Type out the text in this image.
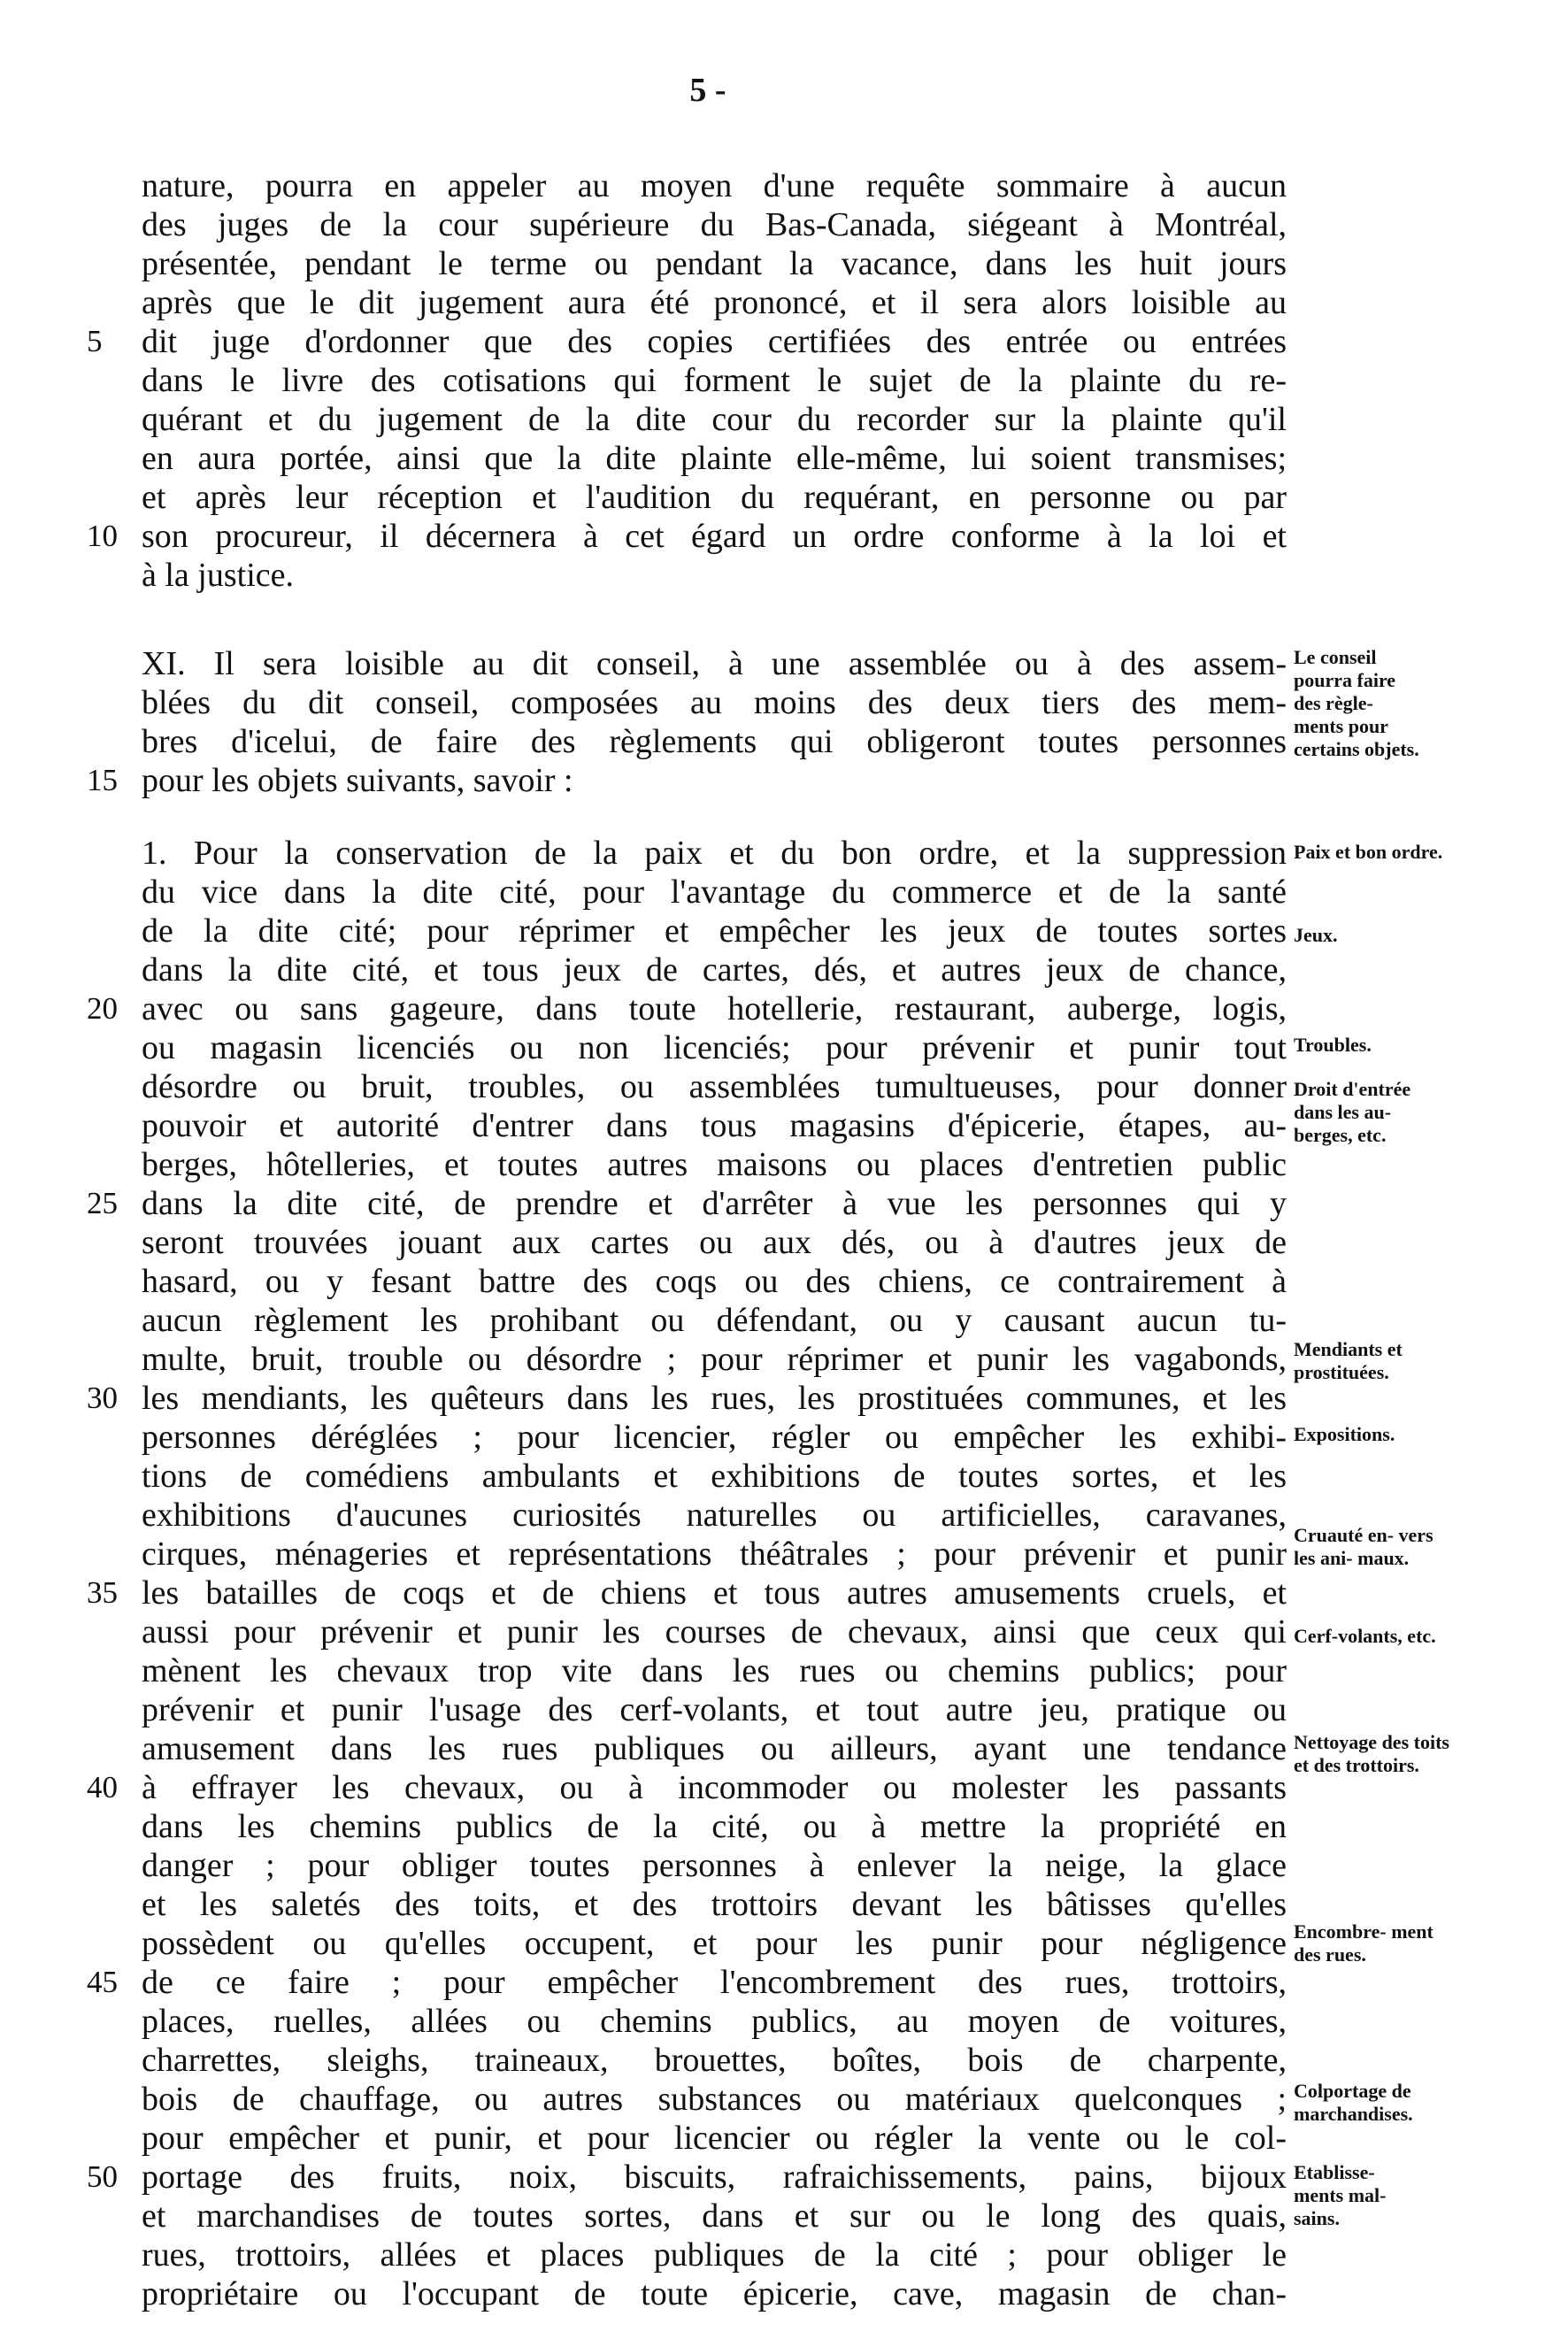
5 -
nature, pourra en appeler au moyen d'une requête sommaire à aucun
des juges de la cour supérieure du Bas-Canada, siégeant à Montréal,
présentée, pendant le terme ou pendant la vacance, dans les huit jours
après que le dit jugement aura été prononcé, et il sera alors loisible au
dit juge d'ordonner que des copies certifiées des entrée ou entrées
dans le livre des cotisations qui forment le sujet de la plainte du re-
quérant et du jugement de la dite cour du recorder sur la plainte qu'il
en aura portée, ainsi que la dite plainte elle-même, lui soient transmises;
et après leur réception et l'audition du requérant, en personne ou par
son procureur, il décernera à cet égard un ordre conforme à la loi et
à la justice.
XI. Il sera loisible au dit conseil, à une assemblée ou à des assem-
blées du dit conseil, composées au moins des deux tiers des mem-
bres d'icelui, de faire des règlements qui obligeront toutes personnes
pour les objets suivants, savoir :
1. Pour la conservation de la paix et du bon ordre, et la suppression
du vice dans la dite cité, pour l'avantage du commerce et de la santé
de la dite cité; pour réprimer et empêcher les jeux de toutes sortes
dans la dite cité, et tous jeux de cartes, dés, et autres jeux de chance,
avec ou sans gageure, dans toute hotellerie, restaurant, auberge, logis,
ou magasin licenciés ou non licenciés; pour prévenir et punir tout
désordre ou bruit, troubles, ou assemblées tumultueuses, pour donner
pouvoir et autorité d'entrer dans tous magasins d'épicerie, étapes, au-
berges, hôtelleries, et toutes autres maisons ou places d'entretien public
dans la dite cité, de prendre et d'arrêter à vue les personnes qui y
seront trouvées jouant aux cartes ou aux dés, ou à d'autres jeux de
hasard, ou y fesant battre des coqs ou des chiens, ce contrairement à
aucun règlement les prohibant ou défendant, ou y causant aucun tu-
multe, bruit, trouble ou désordre ; pour réprimer et punir les vagabonds,
les mendiants, les quêteurs dans les rues, les prostituées communes, et les
personnes déréglées ; pour licencier, régler ou empêcher les exhibi-
tions de comédiens ambulants et exhibitions de toutes sortes, et les
exhibitions d'aucunes curiosités naturelles ou artificielles, caravanes,
cirques, ménageries et représentations théâtrales ; pour prévenir et punir
les batailles de coqs et de chiens et tous autres amusements cruels, et
aussi pour prévenir et punir les courses de chevaux, ainsi que ceux qui
mènent les chevaux trop vite dans les rues ou chemins publics; pour
prévenir et punir l'usage des cerf-volants, et tout autre jeu, pratique ou
amusement dans les rues publiques ou ailleurs, ayant une tendance
à effrayer les chevaux, ou à incommoder ou molester les passants
dans les chemins publics de la cité, ou à mettre la propriété en
danger ; pour obliger toutes personnes à enlever la neige, la glace
et les saletés des toits, et des trottoirs devant les bâtisses qu'elles
possèdent ou qu'elles occupent, et pour les punir pour négligence
de ce faire ; pour empêcher l'encombrement des rues, trottoirs,
places, ruelles, allées ou chemins publics, au moyen de voitures,
charrettes, sleighs, traineaux, brouettes, boîtes, bois de charpente,
bois de chauffage, ou autres substances ou matériaux quelconques ;
pour empêcher et punir, et pour licencier ou régler la vente ou le col-
portage des fruits, noix, biscuits, rafraichissements, pains, bijoux
et marchandises de toutes sortes, dans et sur ou le long des quais,
rues, trottoirs, allées et places publiques de la cité ; pour obliger le
propriétaire ou l'occupant de toute épicerie, cave, magasin de chan-
5
10
15
20
25
30
35
40
45
50
Le conseil pourra faire des règle- ments pour certains objets.
Paix et bon ordre.
Jeux.
Troubles.
Droit d'entrée dans les au- berges, etc.
Mendiants et prostituées.
Expositions.
Cruauté en- vers les ani- maux.
Cerf-volants, etc.
Nettoyage des toits et des trottoirs.
Encombre- ment des rues.
Colportage de marchandises.
Etablisse- ments mal- sains.
